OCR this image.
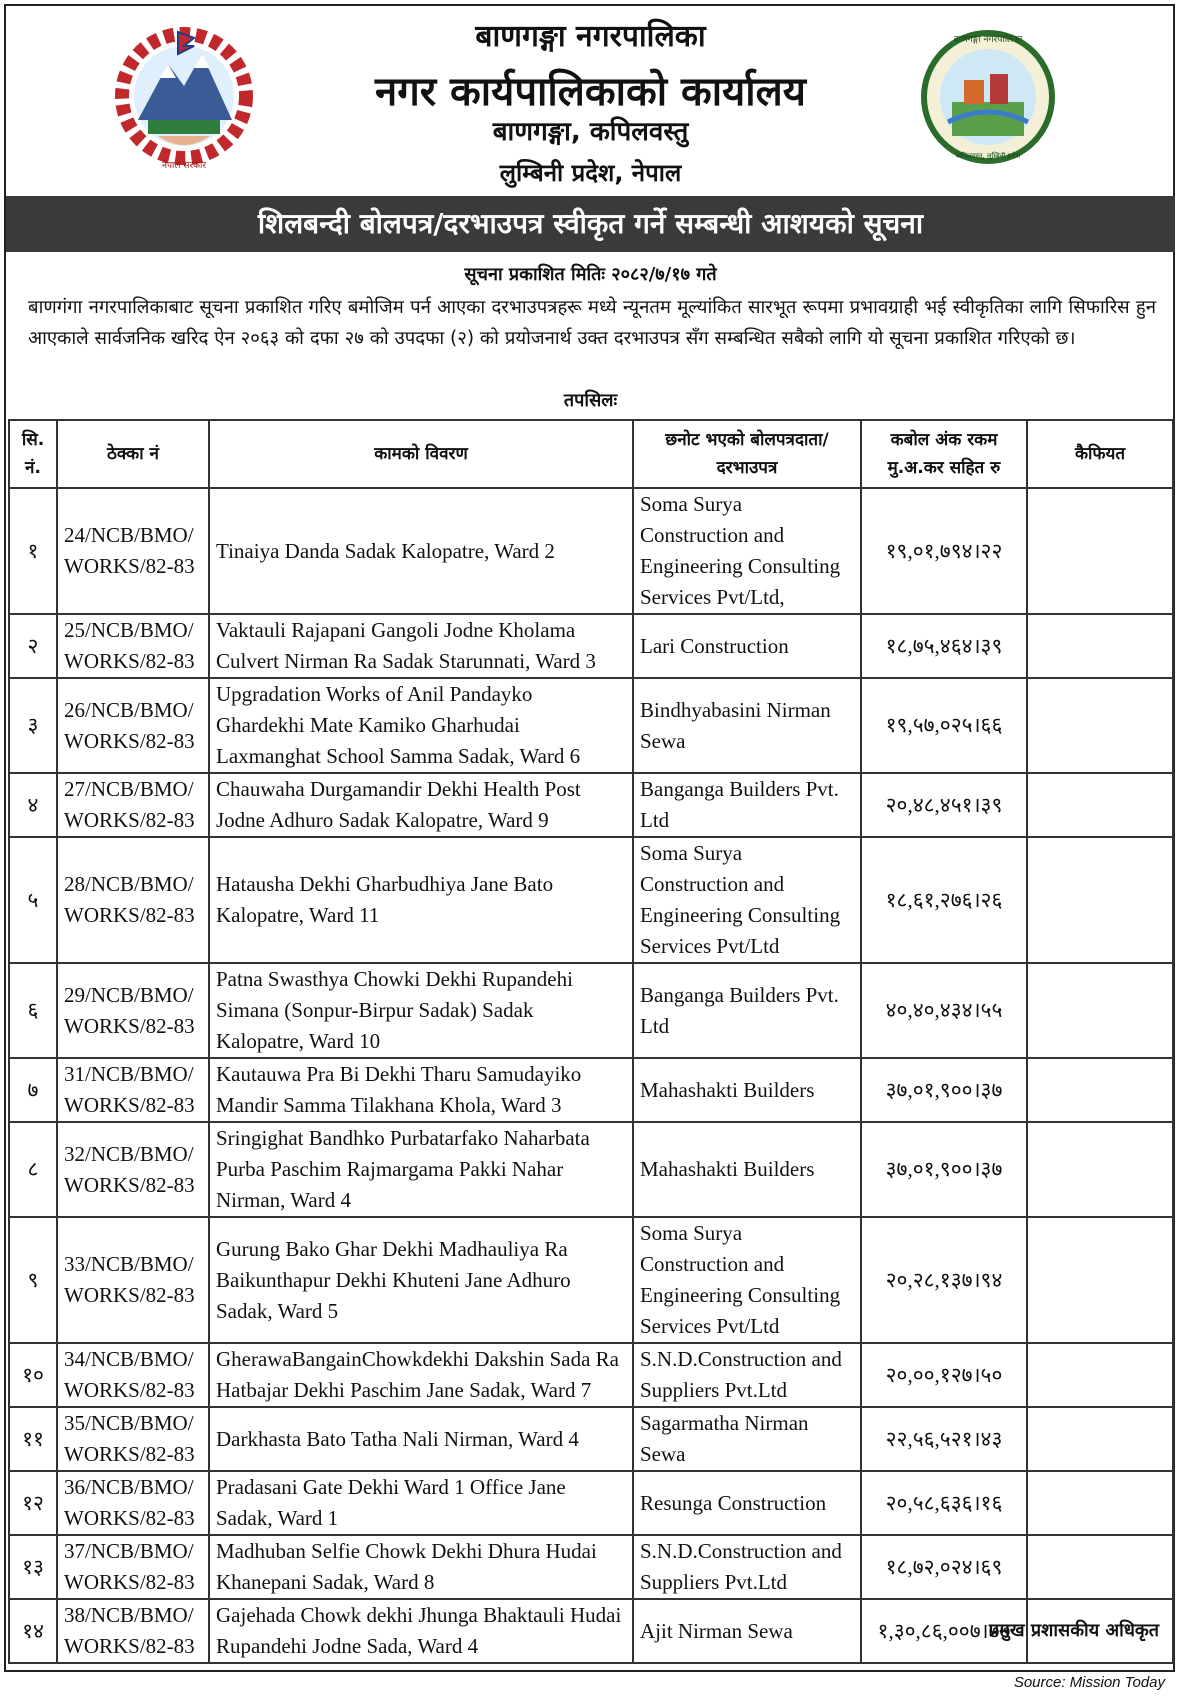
नेपाल सरकार
बाणगङ्गा नगरपालिका
कपिलवस्तु, लुम्बिनी प्रदेश
बाणगङ्गा नगरपालिका
नगर कार्यपालिकाको कार्यालय
बाणगङ्गा, कपिलवस्तु
लुम्बिनी प्रदेश, नेपाल
शिलबन्दी बोलपत्र/दरभाउपत्र स्वीकृत गर्ने सम्बन्धी आशयको सूचना
सूचना प्रकाशित मितिः २०८२/७/१७ गते
बाणगंगा नगरपालिकाबाट सूचना प्रकाशित गरिए बमोजिम पर्न आएका दरभाउपत्रहरू मध्ये न्यूनतम मूल्यांकित सारभूत रूपमा प्रभावग्राही भई स्वीकृतिका लागि सिफारिस हुन आएकाले सार्वजनिक खरिद ऐन २०६३ को दफा २७ को उपदफा (२) को प्रयोजनार्थ उक्त दरभाउपत्र सँग सम्बन्धित सबैको लागि यो सूचना प्रकाशित गरिएको छ।
तपसिलः
सि. नं.	ठेक्का नं	कामको विवरण	छनोट भएको बोलपत्रदाता/दरभाउपत्र	कबोल अंक रकम मु.अ.कर सहित रु	कैफियत
१	24/NCB/BMO/ WORKS/82-83	Tinaiya Danda Sadak Kalopatre, Ward 2	Soma Surya Construction and Engineering Consulting Services Pvt/Ltd,	१९,०१,७९४।२२	
२	25/NCB/BMO/ WORKS/82-83	Vaktauli Rajapani Gangoli Jodne Kholama Culvert Nirman Ra Sadak Starunnati, Ward 3	Lari Construction	१८,७५,४६४।३९	
३	26/NCB/BMO/ WORKS/82-83	Upgradation Works of Anil Pandayko Ghardekhi Mate Kamiko Gharhudai Laxmanghat School Samma Sadak, Ward 6	Bindhyabasini Nirman Sewa	१९,५७,०२५।६६	
४	27/NCB/BMO/ WORKS/82-83	Chauwaha Durgamandir Dekhi Health Post Jodne Adhuro Sadak Kalopatre, Ward 9	Banganga Builders Pvt. Ltd	२०,४८,४५१।३९	
५	28/NCB/BMO/ WORKS/82-83	Hatausha Dekhi Gharbudhiya Jane Bato Kalopatre, Ward 11	Soma Surya Construction and Engineering Consulting Services Pvt/Ltd	१८,६१,२७६।२६	
६	29/NCB/BMO/ WORKS/82-83	Patna Swasthya Chowki Dekhi Rupandehi Simana (Sonpur-Birpur Sadak) Sadak Kalopatre, Ward 10	Banganga Builders Pvt. Ltd	४०,४०,४३४।५५	
७	31/NCB/BMO/ WORKS/82-83	Kautauwa Pra Bi Dekhi Tharu Samudayiko Mandir Samma Tilakhana Khola, Ward 3	Mahashakti Builders	३७,०१,९००।३७	
८	32/NCB/BMO/ WORKS/82-83	Sringighat Bandhko Purbatarfako Naharbata Purba Paschim Rajmargama Pakki Nahar Nirman, Ward 4	Mahashakti Builders	३७,०१,९००।३७	
९	33/NCB/BMO/ WORKS/82-83	Gurung Bako Ghar Dekhi Madhauliya Ra Baikunthapur Dekhi Khuteni Jane Adhuro Sadak, Ward 5	Soma Surya Construction and Engineering Consulting Services Pvt/Ltd	२०,२८,१३७।९४	
१०	34/NCB/BMO/ WORKS/82-83	GherawaBangainChowkdekhi Dakshin Sada Ra Hatbajar Dekhi Paschim Jane Sadak, Ward 7	S.N.D.Construction and Suppliers Pvt.Ltd	२०,००,१२७।५०	
११	35/NCB/BMO/ WORKS/82-83	Darkhasta Bato Tatha Nali Nirman, Ward 4	Sagarmatha Nirman Sewa	२२,५६,५२१।४३	
१२	36/NCB/BMO/ WORKS/82-83	Pradasani Gate Dekhi Ward 1 Office Jane Sadak, Ward 1	Resunga Construction	२०,५८,६३६।१६	
१३	37/NCB/BMO/ WORKS/82-83	Madhuban Selfie Chowk Dekhi Dhura Hudai Khanepani Sadak, Ward 8	S.N.D.Construction and Suppliers Pvt.Ltd	१८,७२,०२४।६९	
१४	38/NCB/BMO/ WORKS/82-83	Gajehada Chowk dekhi Jhunga Bhaktauli Hudai Rupandehi Jodne Sada, Ward 4	Ajit Nirman Sewa	१,३०,८६,००७।७७	
प्रमुख प्रशासकीय अधिकृत
Source: Mission Today
